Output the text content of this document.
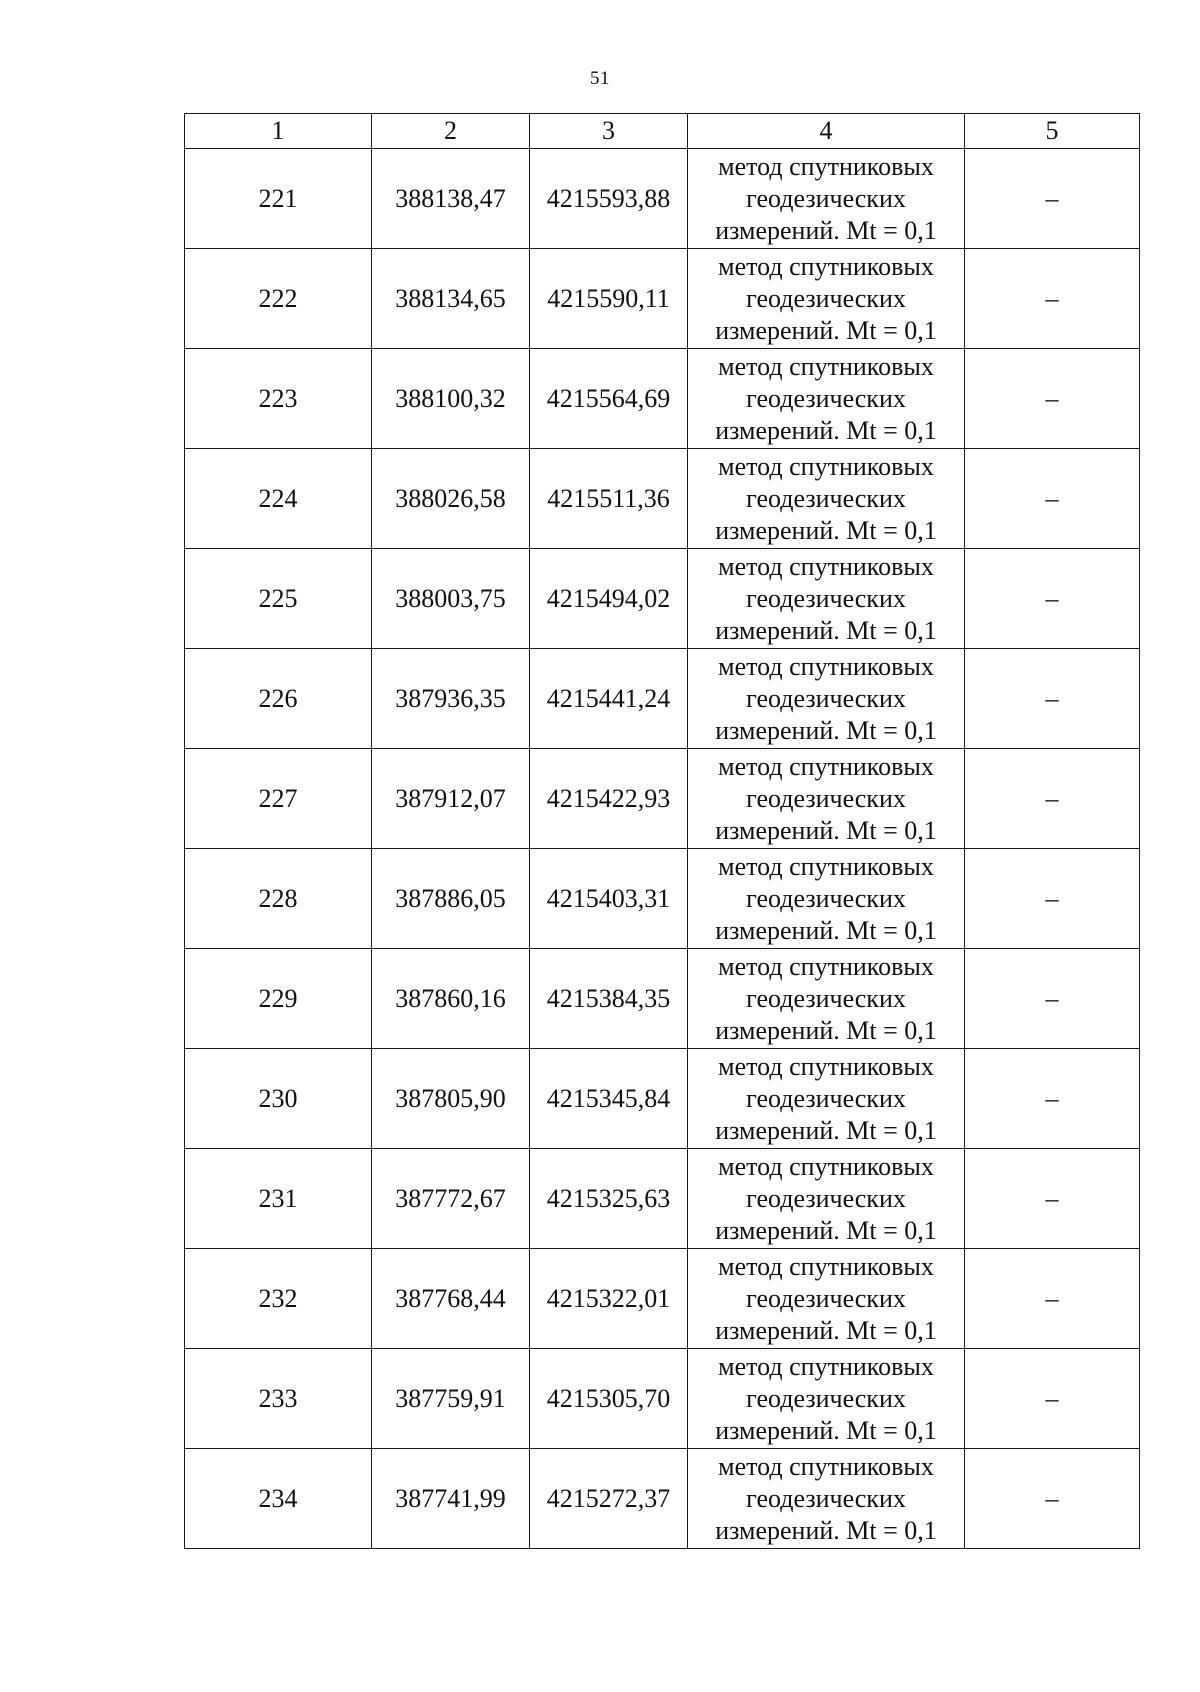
51
1	2	3	4	5
221	388138,47	4215593,88	метод спутниковых
геодезических
измерений. Mt = 0,1	–
222	388134,65	4215590,11	метод спутниковых
геодезических
измерений. Mt = 0,1	–
223	388100,32	4215564,69	метод спутниковых
геодезических
измерений. Mt = 0,1	–
224	388026,58	4215511,36	метод спутниковых
геодезических
измерений. Mt = 0,1	–
225	388003,75	4215494,02	метод спутниковых
геодезических
измерений. Mt = 0,1	–
226	387936,35	4215441,24	метод спутниковых
геодезических
измерений. Mt = 0,1	–
227	387912,07	4215422,93	метод спутниковых
геодезических
измерений. Mt = 0,1	–
228	387886,05	4215403,31	метод спутниковых
геодезических
измерений. Mt = 0,1	–
229	387860,16	4215384,35	метод спутниковых
геодезических
измерений. Mt = 0,1	–
230	387805,90	4215345,84	метод спутниковых
геодезических
измерений. Mt = 0,1	–
231	387772,67	4215325,63	метод спутниковых
геодезических
измерений. Mt = 0,1	–
232	387768,44	4215322,01	метод спутниковых
геодезических
измерений. Mt = 0,1	–
233	387759,91	4215305,70	метод спутниковых
геодезических
измерений. Mt = 0,1	–
234	387741,99	4215272,37	метод спутниковых
геодезических
измерений. Mt = 0,1	–
